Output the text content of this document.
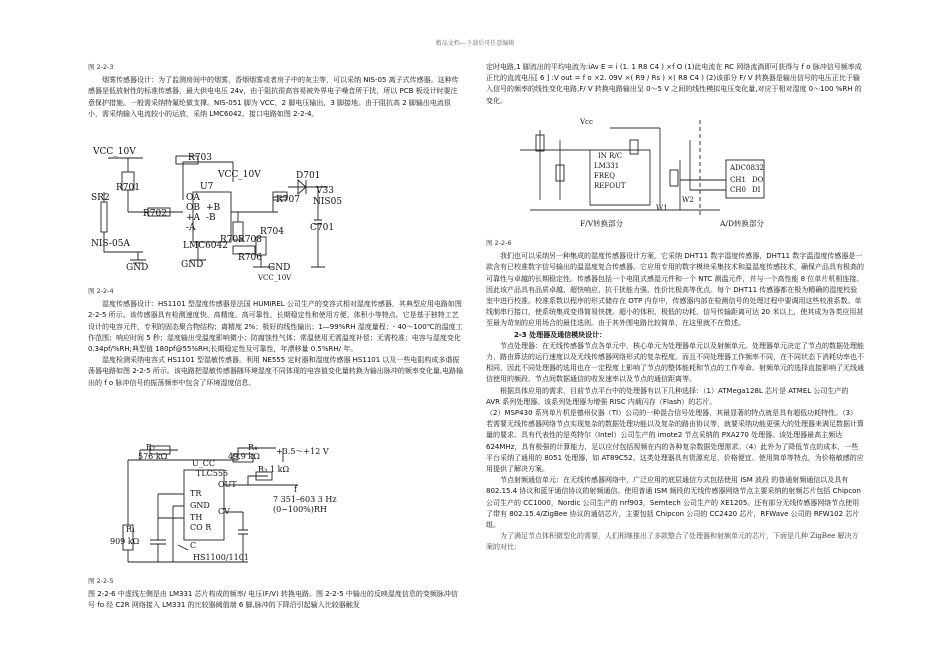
精品文档---下载后可任意编辑

图 2-2-3

烟雾传感器设计：为了监测房间中的烟雾，香烟烟雾或者房子中的灰尘等，可以采纳 NIS-05 离子式传感器。这种传感器是低放射性的标准传感器，最大供电电压 24v，由于阻抗很高容易被外界电子噪音所干扰，所以 PCB 板设计时要注意保护措施。一般需采纳特氟纶做支撑。NIS-051 脚为 VCC，2 脚电压输出，3 脚接地。由于阻抗高 2 脚输出电流很小，需采纳输入电流较小的运放，采纳 LMC6042。接口电路如图 2-2-4。

VCC_10V
VCC_10V
R703
R701
R702
U7
OA
OB
+A
-A
+B
-B
LMC6042
SR2
NIS-05A
GND	GND	GND
R705
R708
R706
R704
R707
D701
V33
NIS05
C701
VCC_10V

图 2-2-4

湿度传感器设计：HS1101 型湿度传感器是法国 HUMIREL 公司生产的变容式相对湿度传感器，其典型应用电路如图 2-2-5 所示。该传感器具有检测速度快、高精度、高可靠性、长期稳定性和使用方便、体积小等特点。它是基于独特工艺设计的电容元件，专利的固态聚合物结构；离精度 2%；极好的线性输出；1—99%RH 湿度量程；- 40～100℃的温度工作范围；响应时间 5 秒；湿度输出受温度影响微小；防腐蚀性气体；常温使用无需温度补偿；无需校准；电容与湿度变化 0.34pf/%RH;典型值 180pf@55%RH;长期稳定性及可靠性，年漂移量 0.5%RH/ 年。

湿度检测采纳电容式 HS1101 型湿敏传感器。利用 NE555 定时器和湿度传感器 HS1101 以及一些电阻构成多谐振荡器电路如图 2-2-5 所示。该电路把湿敏传感器随环境湿度不同体现的电容值变化量转换为输出脉冲的频率变化量,电路输出的 f o 脉冲信号的振荡频率中包含了环境湿度信息。

R₂
576 kΩ
R₄
49.9 kΩ
+3.5～+12 V
U_CC
TLC555
OUT
TR
GND
TH
CV
CO R
R₃ 1 kΩ
f
7 351–603 3 Hz
(0~100%)RH
R₁
909 kΩ	C
HS1100/1101

图 2-2-5

图 2-2-6 中虚线左侧是由 LM331 芯片构成的频率/ 电压(F/V) 转换电路。图 2-2-5 中输出的反映湿度信息的变频脉冲信号 fo 经 C2R 网络接入 LM331 的比较器阈值端 6 脚,脉冲的下降沿引起输入比较器触发

定时电路,1 脚流出的平均电流为:iAv E = i (1. 1 R8 C4 ) ×f O (1)此电流在 RC 网络流淌即可获得与 f o 脉冲信号频率成正比的直流电压[ 6 ] :V out = f o ×2. 09V ×( R9 / Rs ) ×( R8 C4 ) (2)该部分 F/ V 转换器是输出信号的电压正比于输入信号的频率的线性变化电路,F/ V 转换电路输出呈 0～5 V 之间的线性模拟电压变化量,对应于相对湿度 0～100 %RH 的变化。

Vcc
IN R/C
LM331
FREQ
REFOUT
W1
W2
ADC0832
CH1 DO
CH0 DI
F/V转换部分	A/D转换部分

图 2-2-6

我们也可以采纳另一种集成的湿度传感器设计方案，它采纳 DHT11 数字湿度传感器，DHT11 数字温湿度传感器是一款含有已校准数字信号输出的温湿度复合传感器。它应用专用的数字模块采集技术和温湿度传感技术，确保产品具有极高的可靠性与卓越的长期稳定性。传感器包括一个电阻式感湿元件和一个 NTC 测温元件，并与一个高性能 8 位单片机相连接。因此该产品具有品质卓越、超快响应、抗干扰能力强、性价比极高等优点。每个 DHT11 传感器都在极为精确的湿度校验室中进行校准。校准系数以程序的形式储存在 OTP 内存中，传感器内部在检测信号的处理过程中要调用这些校准系数。单线制串行接口，使系统集成变得简易快捷。超小的体积、极低的功耗，信号传输距离可达 20 米以上，使其成为各类应用甚至最为苛刻的应用场合的最佳选则。由于其外围电路比较简单，在这里就不在赘述。

2-3 处理器及通信模块设计：

节点处理器：在无线传感器节点各单元中，核心单元为处理器单元以及射频单元。处理器单元决定了节点的数据处理能力，路由算法的运行速度以及无线传感器网络形式的复杂程度。而且不同处理器工作频率不同，在不同状态下消耗功率也不相同，因此不同处理器的选用也在一定程度上影响了节点的整体能耗和节点的工作寿命。射频单元的选择直接影响了无线通信使用的频段、节点间数据通信的收发速率以及节点的通信距离等。

根据具体应用的需求，目前节点平台中的处理器有以下几种选择：（1）ATMega128L 芯片是 ATMEL 公司生产的 AVR 系列处理器。该系列处理器为增强 RISC 内载闪存（Flash）的芯片。

（2）MSP430 系列单片机是德州仪器（TI）公司的一种混合信号处理器，其最显著的特点就是具有超低功耗特性。（3）若需要无线传感器网络节点实现复杂的数据处理功能以及复杂的路由协议等，就要采纳功能更强大的处理器来满足数据计算量的要求。具有代表性的是英特尔（Intel）公司生产的 imote2 节点采纳的 PXA270 处理器。该处理器最高主频达 624MHz，具有极强的计算能力，足以应付包括视频在内的各种复杂数据处理需求。（4）此外为了降低节点的成本，一些平台采纳了通用的 8051 处理器，如 AT89C52。这类处理器具有货源充足、价格便宜、使用简单等特点，为价格敏感的应用提供了解决方案。

节点射频通信单元：在无线传感器网络中，广泛应用的底层通信方式包括使用 ISM 波段 的普通射频通信以及具有 802.15.4 协议和蓝牙通信协议的射频通信。使用普通 ISM 频段的无线传感器网络节点主要采纳的射频芯片包括 Chipcon 公司生产的 CC1000，Nordic 公司生产的 nrf903，Semtech 公司生产的 XE1205。还有部分无线传感器网络节点使用了带有 802.15.4/ZigBee 协议的通信芯片，主要包括 Chipcon 公司的 CC2420 芯片，RFWave 公司的 RFW102 芯片组。

为了满足节点体积微型化的需要，人们相继推出了多款整合了处理器和射频单元的芯片，下面是几种 ZigBee 解决方案的对比：
